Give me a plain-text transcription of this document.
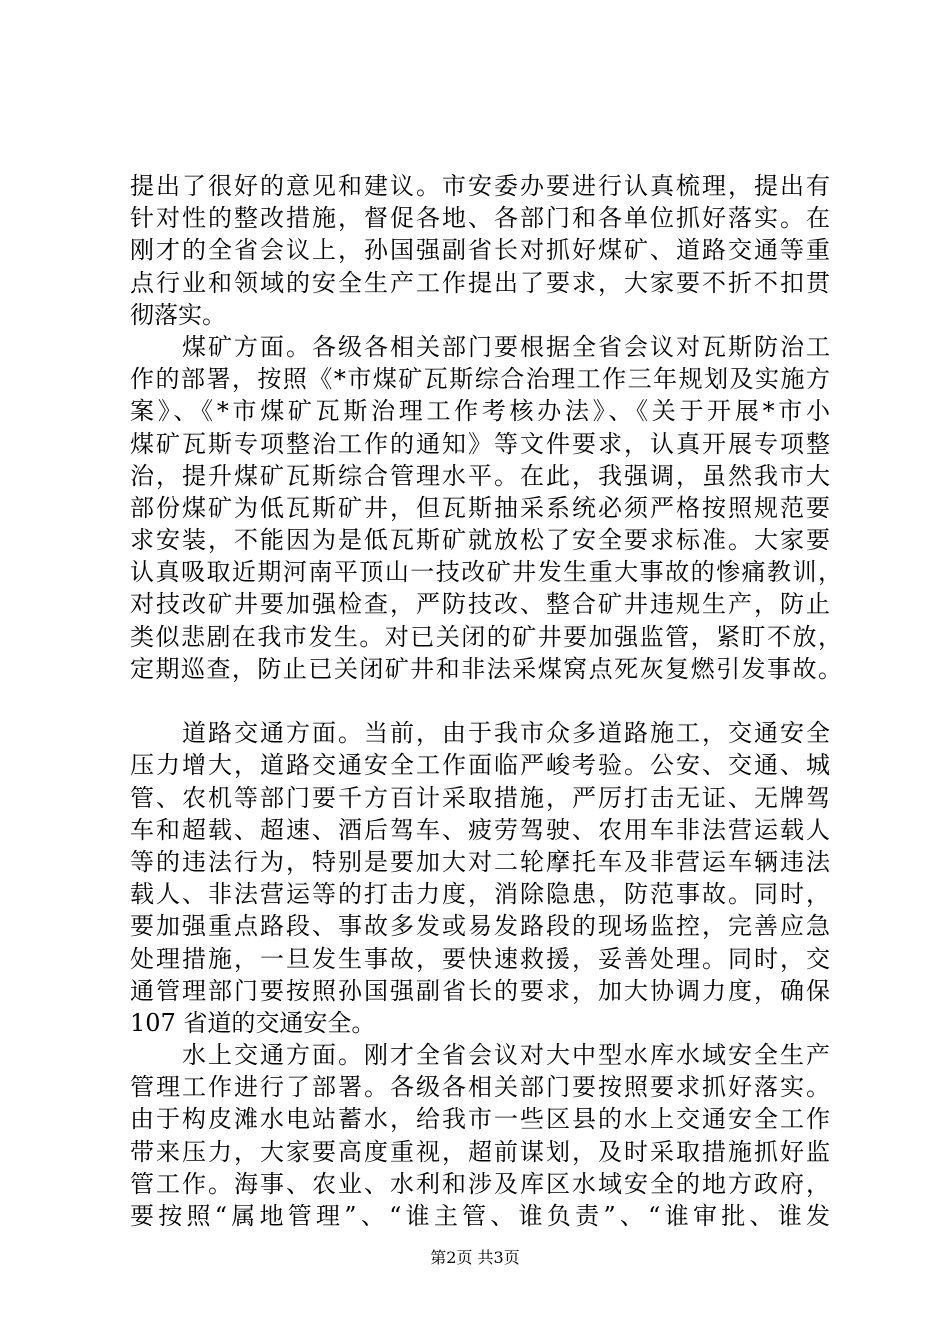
提出了很好的意见和建议。市安委办要进行认真梳理，提出有
针对性的整改措施，督促各地、各部门和各单位抓好落实。在
刚才的全省会议上，孙国强副省长对抓好煤矿、道路交通等重
点行业和领域的安全生产工作提出了要求，大家要不折不扣贯
彻落实。
煤矿方面。各级各相关部门要根据全省会议对瓦斯防治工
作的部署，按照《*市煤矿瓦斯综合治理工作三年规划及实施方
案》、《*市煤矿瓦斯治理工作考核办法》、《关于开展*市小
煤矿瓦斯专项整治工作的通知》等文件要求，认真开展专项整
治，提升煤矿瓦斯综合管理水平。在此，我强调，虽然我市大
部份煤矿为低瓦斯矿井，但瓦斯抽采系统必须严格按照规范要
求安装，不能因为是低瓦斯矿就放松了安全要求标准。大家要
认真吸取近期河南平顶山一技改矿井发生重大事故的惨痛教训，
对技改矿井要加强检查，严防技改、整合矿井违规生产，防止
类似悲剧在我市发生。对已关闭的矿井要加强监管，紧盯不放，
定期巡查，防止已关闭矿井和非法采煤窝点死灰复燃引发事故。
道路交通方面。当前，由于我市众多道路施工，交通安全
压力增大，道路交通安全工作面临严峻考验。公安、交通、城
管、农机等部门要千方百计采取措施，严厉打击无证、无牌驾
车和超载、超速、酒后驾车、疲劳驾驶、农用车非法营运载人
等的违法行为，特别是要加大对二轮摩托车及非营运车辆违法
载人、非法营运等的打击力度，消除隐患，防范事故。同时，
要加强重点路段、事故多发或易发路段的现场监控，完善应急
处理措施，一旦发生事故，要快速救援，妥善处理。同时，交
通管理部门要按照孙国强副省长的要求，加大协调力度，确保
107 省道的交通安全。
水上交通方面。刚才全省会议对大中型水库水域安全生产
管理工作进行了部署。各级各相关部门要按照要求抓好落实。
由于构皮滩水电站蓄水，给我市一些区县的水上交通安全工作
带来压力，大家要高度重视，超前谋划，及时采取措施抓好监
管工作。海事、农业、水利和涉及库区水域安全的地方政府，
要按照“属地管理”、“谁主管、谁负责”、“谁审批、谁发
第2页 共3页
